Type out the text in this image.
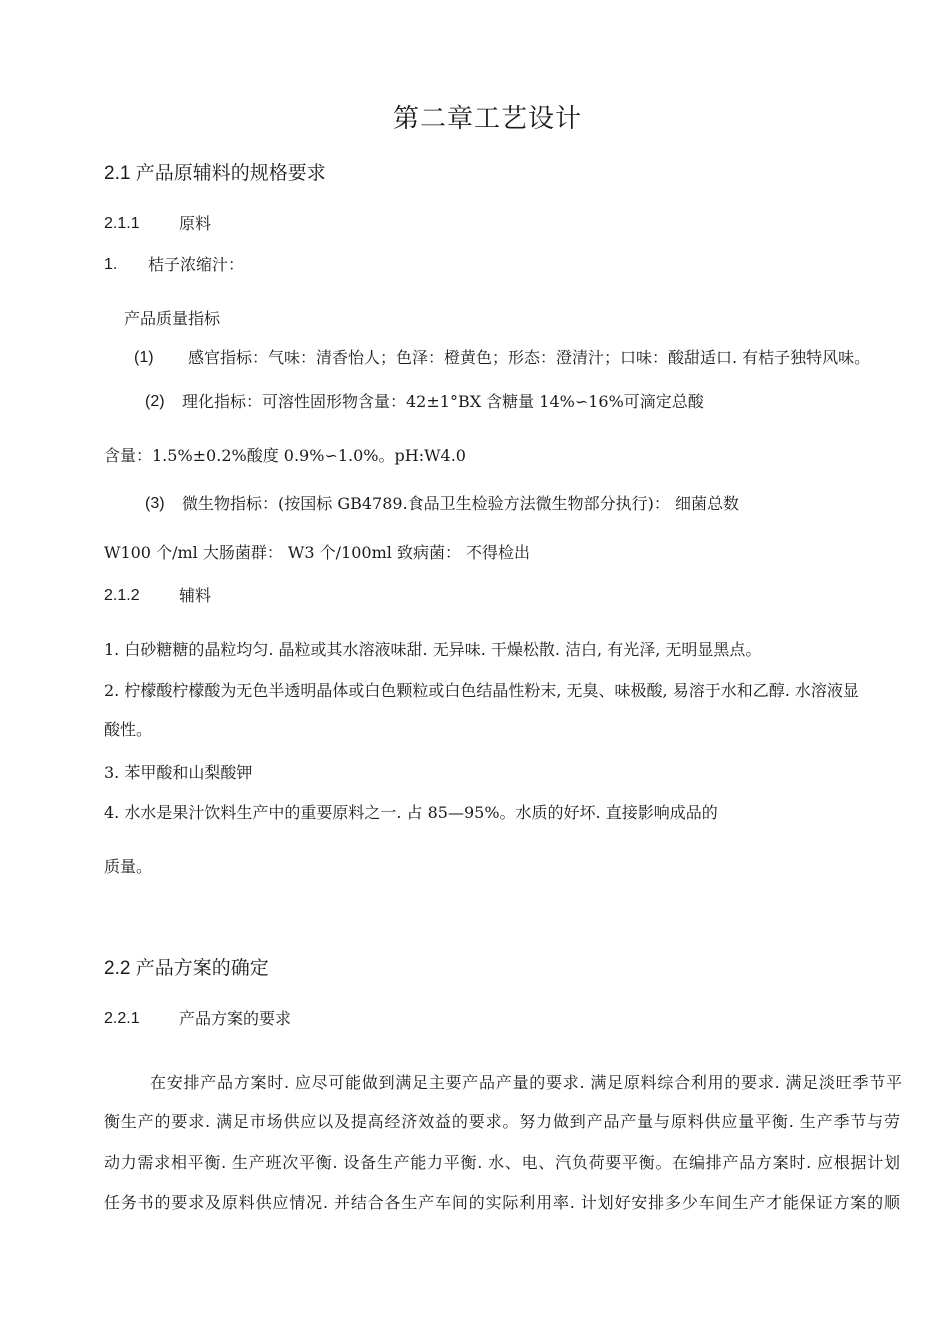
第二章工艺设计
2.1 产品原辅料的规格要求
2.1.1 原料
1. 桔子浓缩汁：
产品质量指标
(1) 感官指标：气味：清香怡人；色泽：橙黄色；形态：澄清汁；口味：酸甜适口. 有桔子独特风味。
(2) 理化指标：可溶性固形物含量：42±1°BX 含糖量 14%∽16%可滴定总酸
含量：1.5%±0.2%酸度 0.9%∽1.0%。pH:W4.0
(3) 微生物指标：(按国标 GB4789.食品卫生检验方法微生物部分执行)： 细菌总数
W100 个/ml 大肠菌群： W3 个/100ml 致病菌： 不得检出
2.1.2 辅料
1. 白砂糖糖的晶粒均匀. 晶粒或其水溶液味甜. 无异味. 干燥松散. 洁白, 有光泽, 无明显黑点。
2. 柠檬酸柠檬酸为无色半透明晶体或白色颗粒或白色结晶性粉末, 无臭、味极酸, 易溶于水和乙醇. 水溶液显
酸性。
3. 苯甲酸和山梨酸钾
4. 水水是果汁饮料生产中的重要原料之一. 占 85—95%。水质的好坏. 直接影响成品的
质量。
2.2 产品方案的确定
2.2.1 产品方案的要求
在安排产品方案时. 应尽可能做到满足主要产品产量的要求. 满足原料综合利用的要求. 满足淡旺季节平
衡生产的要求. 满足市场供应以及提高经济效益的要求。努力做到产品产量与原料供应量平衡. 生产季节与劳
动力需求相平衡. 生产班次平衡. 设备生产能力平衡. 水、电、汽负荷要平衡。在编排产品方案时. 应根据计划
任务书的要求及原料供应情况. 并结合各生产车间的实际利用率. 计划好安排多少车间生产才能保证方案的顺
